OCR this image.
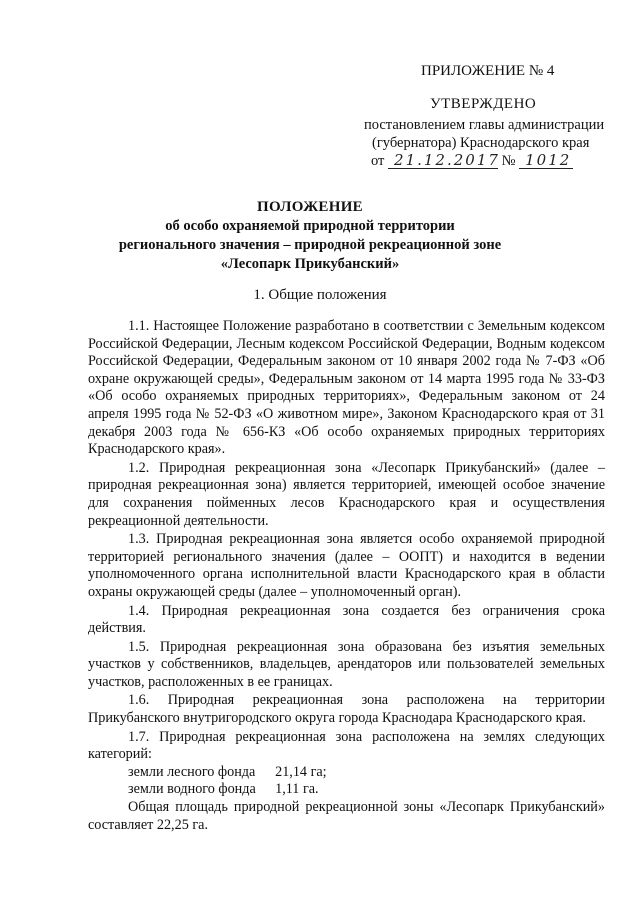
ПРИЛОЖЕНИЕ № 4
УТВЕРЖДЕНО
постановлением главы администрации
(губернатора) Краснодарского края
от 21.12.2017 № 1012
ПОЛОЖЕНИЕ
об особо охраняемой природной территории
регионального значения – природной рекреационной зоне
«Лесопарк Прикубанский»
1. Общие положения

1.1. Настоящее Положение разработано в соответствии с Земельным кодексом Российской Федерации, Лесным кодексом Российской Федерации, Водным кодексом Российской Федерации, Федеральным законом от 10 января 2002 года № 7-ФЗ «Об охране окружающей среды», Федеральным законом от 14 марта 1995 года № 33-ФЗ «Об особо охраняемых природных территориях», Федеральным законом от 24 апреля 1995 года № 52-ФЗ «О животном мире», Законом Краснодарского края от 31 декабря 2003 года № 656-КЗ «Об особо охраняемых природных территориях Краснодарского края».

1.2. Природная рекреационная зона «Лесопарк Прикубанский» (далее – природная рекреационная зона) является территорией, имеющей особое значение для сохранения пойменных лесов Краснодарского края и осуществления рекреационной деятельности.

1.3. Природная рекреационная зона является особо охраняемой природной территорией регионального значения (далее – ООПТ) и находится в ведении уполномоченного органа исполнительной власти Краснодарского края в области охраны окружающей среды (далее – уполномоченный орган).

1.4. Природная рекреационная зона создается без ограничения срока действия.

1.5. Природная рекреационная зона образована без изъятия земельных участков у собственников, владельцев, арендаторов или пользователей земельных участков, расположенных в ее границах.

1.6. Природная рекреационная зона расположена на территории Прикубанского внутригородского округа города Краснодара Краснодарского края.

1.7. Природная рекреационная зона расположена на землях следующих категорий:

земли лесного фонда 21,14 га;
земли водного фонда 1,11 га.

Общая площадь природной рекреационной зоны «Лесопарк Прикубанский» составляет 22,25 га.
